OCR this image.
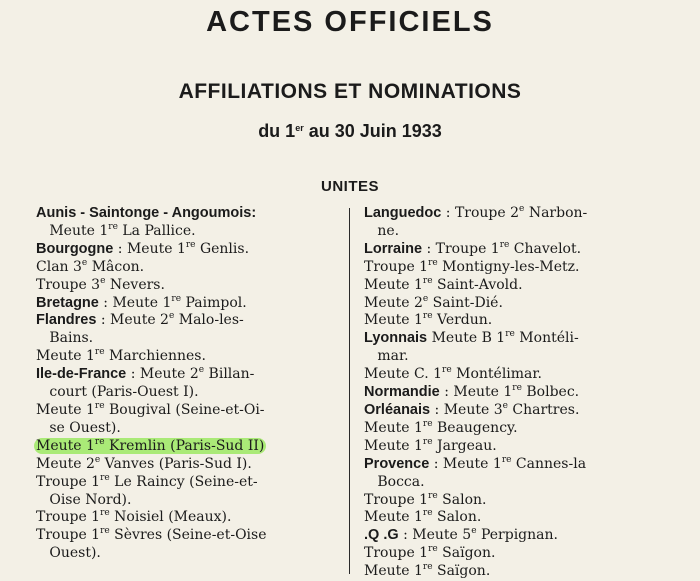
ACTES OFFICIELS
AFFILIATIONS ET NOMINATIONS
du 1er au 30 Juin 1933
UNITES
Aunis - Saintonge - Angoumois:
Meute 1re La Pallice.
Bourgogne : Meute 1re Genlis.
Clan 3e Mâcon.
Troupe 3e Nevers.
Bretagne : Meute 1re Paimpol.
Flandres : Meute 2e Malo-les-
Bains.
Meute 1re Marchiennes.
Ile-de-France : Meute 2e Billan-
court (Paris-Ouest I).
Meute 1re Bougival (Seine-et-Oi-
se Ouest).
Meute 1re Kremlin (Paris-Sud II)
Meute 2e Vanves (Paris-Sud I).
Troupe 1re Le Raincy (Seine-et-
Oise Nord).
Troupe 1re Noisiel (Meaux).
Troupe 1re Sèvres (Seine-et-Oise
Ouest).
Languedoc : Troupe 2e Narbon-
ne.
Lorraine : Troupe 1re Chavelot.
Troupe 1re Montigny-les-Metz.
Meute 1re Saint-Avold.
Meute 2e Saint-Dié.
Meute 1re Verdun.
Lyonnais Meute B 1re Montéli-
mar.
Meute C. 1re Montélimar.
Normandie : Meute 1re Bolbec.
Orléanais : Meute 3e Chartres.
Meute 1re Beaugency.
Meute 1re Jargeau.
Provence : Meute 1re Cannes-la
Bocca.
Troupe 1re Salon.
Meute 1re Salon.
.Q .G : Meute 5e Perpignan.
Troupe 1re Saïgon.
Meute 1re Saïgon.
